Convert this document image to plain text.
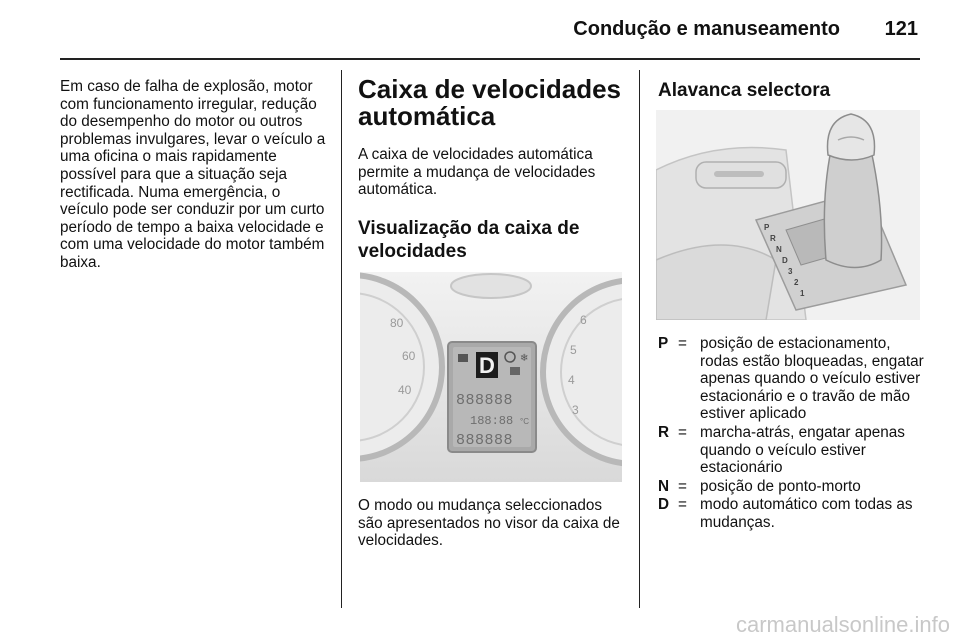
Condução e manuseamento	121

Em caso de falha de explosão, motor com funcionamento irregular, redução do desempenho do motor ou outros problemas invulgares, levar o veículo a uma oficina o mais rapidamente possível para que a situação seja rectificada. Numa emergência, o veículo pode ser conduzir por um curto período de tempo a baixa velocidade e com uma velocidade do motor também baixa.

Caixa de velocidades automática

A caixa de velocidades automática permite a mudança de velocidades automática.

Visualização da caixa de velocidades
80
60
40
6
5
4
3
D	❄
888888
188:88 °C
888888

O modo ou mudança seleccionados são apresentados no visor da caixa de velocidades.

Alavanca selectora
P
R
N
D
3
2
1
P = posição de estacionamento, rodas estão bloqueadas, engatar apenas quando o veículo estiver estacionário e o travão de mão estiver aplicado
R = marcha-atrás, engatar apenas quando o veículo estiver estacionário
N = posição de ponto-morto
D = modo automático com todas as mudanças.
carmanualsonline.info
